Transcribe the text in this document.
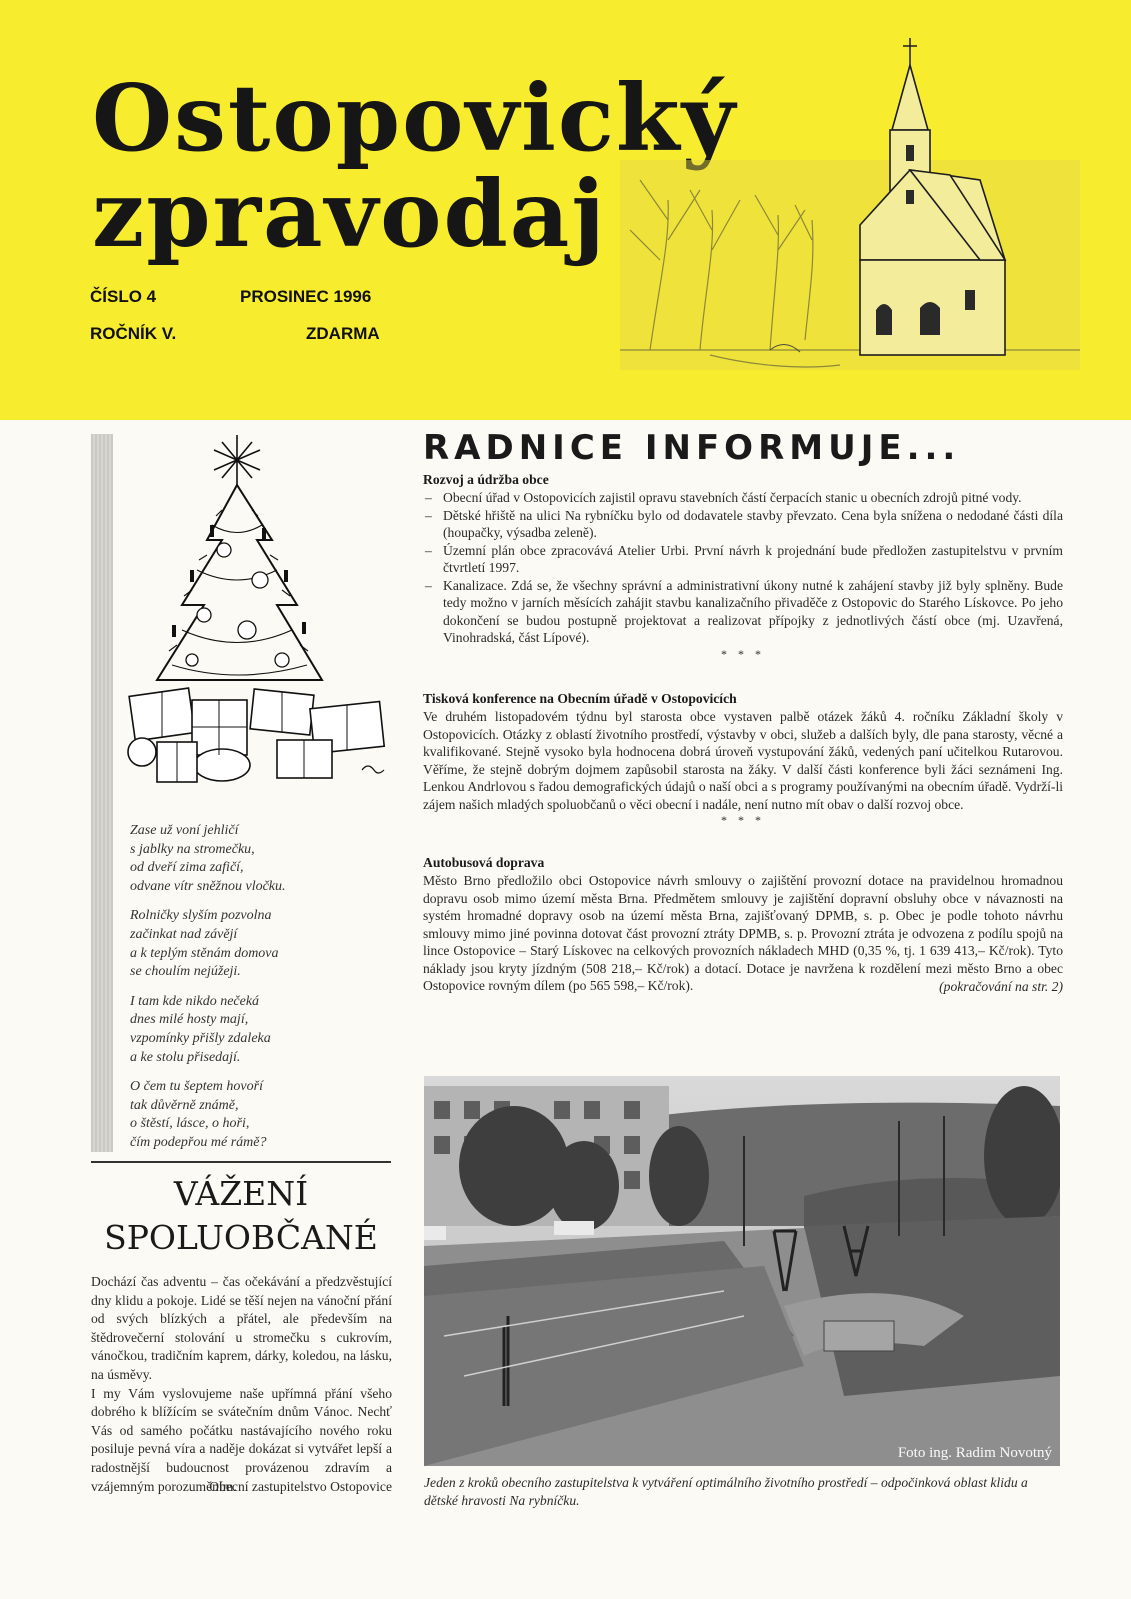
Ostopovický
zpravodaj
ČÍSLO 4	PROSINEC 1996
ROČNÍK V.	ZDARMA
Zase už voní jehličí
s jablky na stromečku,
od dveří zima zafičí,
odvane vítr sněžnou vločku.
Rolničky slyším pozvolna
začinkat nad závějí
a k teplým stěnám domova
se choulím nejúžeji.
I tam kde nikdo nečeká
dnes milé hosty mají,
vzpomínky přišly zdaleka
a ke stolu přisedají.
O čem tu šeptem hovoří
tak důvěrně známě,
o štěstí, lásce, o hoři,
čím podepřou mé rámě?
VÁŽENÍ
SPOLUOBČANÉ

Dochází čas adventu – čas očekávání a předzvěstující dny klidu a pokoje. Lidé se těší nejen na vánoční přání od svých blízkých a přátel, ale především na štědrovečerní stolování u stromečku s cukrovím, vánočkou, tradičním kaprem, dárky, koledou, na lásku, na úsměvy.

I my Vám vyslovujeme naše upřímná přání všeho dobrého k blížícím se svátečním dnům Vánoc. Nechť Vás od samého počátku nastávajícího nového roku posiluje pevná víra a naděje dokázat si vytvářet lepší a radostnější budoucnost provázenou zdravím a vzájemným porozuměním.

Obecní zastupitelstvo Ostopovice
RADNICE INFORMUJE...
Rozvoj a údržba obce
– Obecní úřad v Ostopovicích zajistil opravu stavebních částí čerpacích stanic u obecních zdrojů pitné vody.
– Dětské hřiště na ulici Na rybníčku bylo od dodavatele stavby převzato. Cena byla snížena o nedodané části díla (houpačky, výsadba zeleně).
– Územní plán obce zpracovává Atelier Urbi. První návrh k projednání bude předložen zastupitelstvu v prvním čtvrtletí 1997.
– Kanalizace. Zdá se, že všechny správní a administrativní úkony nutné k zahájení stavby již byly splněny. Bude tedy možno v jarních měsících zahájit stavbu kanalizačního přivaděče z Ostopovic do Starého Lískovce. Po jeho dokončení se budou postupně projektovat a realizovat přípojky z jednotlivých částí obce (mj. Uzavřená, Vinohradská, část Lípové).
* * *
Tisková konference na Obecním úřadě v Ostopovicích

Ve druhém listopadovém týdnu byl starosta obce vystaven palbě otázek žáků 4. ročníku Základní školy v Ostopovicích. Otázky z oblastí životního prostředí, výstavby v obci, služeb a dalších byly, dle pana starosty, věcné a kvalifikované. Stejně vysoko byla hodnocena dobrá úroveň vystupování žáků, vedených paní učitelkou Rutarovou. Věříme, že stejně dobrým dojmem zapůsobil starosta na žáky. V další části konference byli žáci seznámeni Ing. Lenkou Andrlovou s řadou demografických údajů o naší obci a s programy používanými na obecním úřadě. Vydrží-li zájem našich mladých spoluobčanů o věci obecní i nadále, není nutno mít obav o další rozvoj obce.

* * *
Autobusová doprava

Město Brno předložilo obci Ostopovice návrh smlouvy o zajištění provozní dotace na pravidelnou hromadnou dopravu osob mimo území města Brna. Předmětem smlouvy je zajištění dopravní obsluhy obce v návaznosti na systém hromadné dopravy osob na území města Brna, zajišťovaný DPMB, s. p. Obec je podle tohoto návrhu smlouvy mimo jiné povinna dotovat část provozní ztráty DPMB, s. p. Provozní ztráta je odvozena z podílu spojů na lince Ostopovice – Starý Lískovec na celkových provozních nákladech MHD (0,35 %, tj. 1 639 413,– Kč/rok). Tyto náklady jsou kryty jízdným (508 218,– Kč/rok) a dotací. Dotace je navržena k rozdělení mezi město Brno a obec Ostopovice rovným dílem (po 565 598,– Kč/rok).	(pokračování na str. 2)
Foto ing. Radim Novotný
Jeden z kroků obecního zastupitelstva k vytváření optimálního životního prostředí – odpočinková oblast klidu a dětské hravosti Na rybníčku.
